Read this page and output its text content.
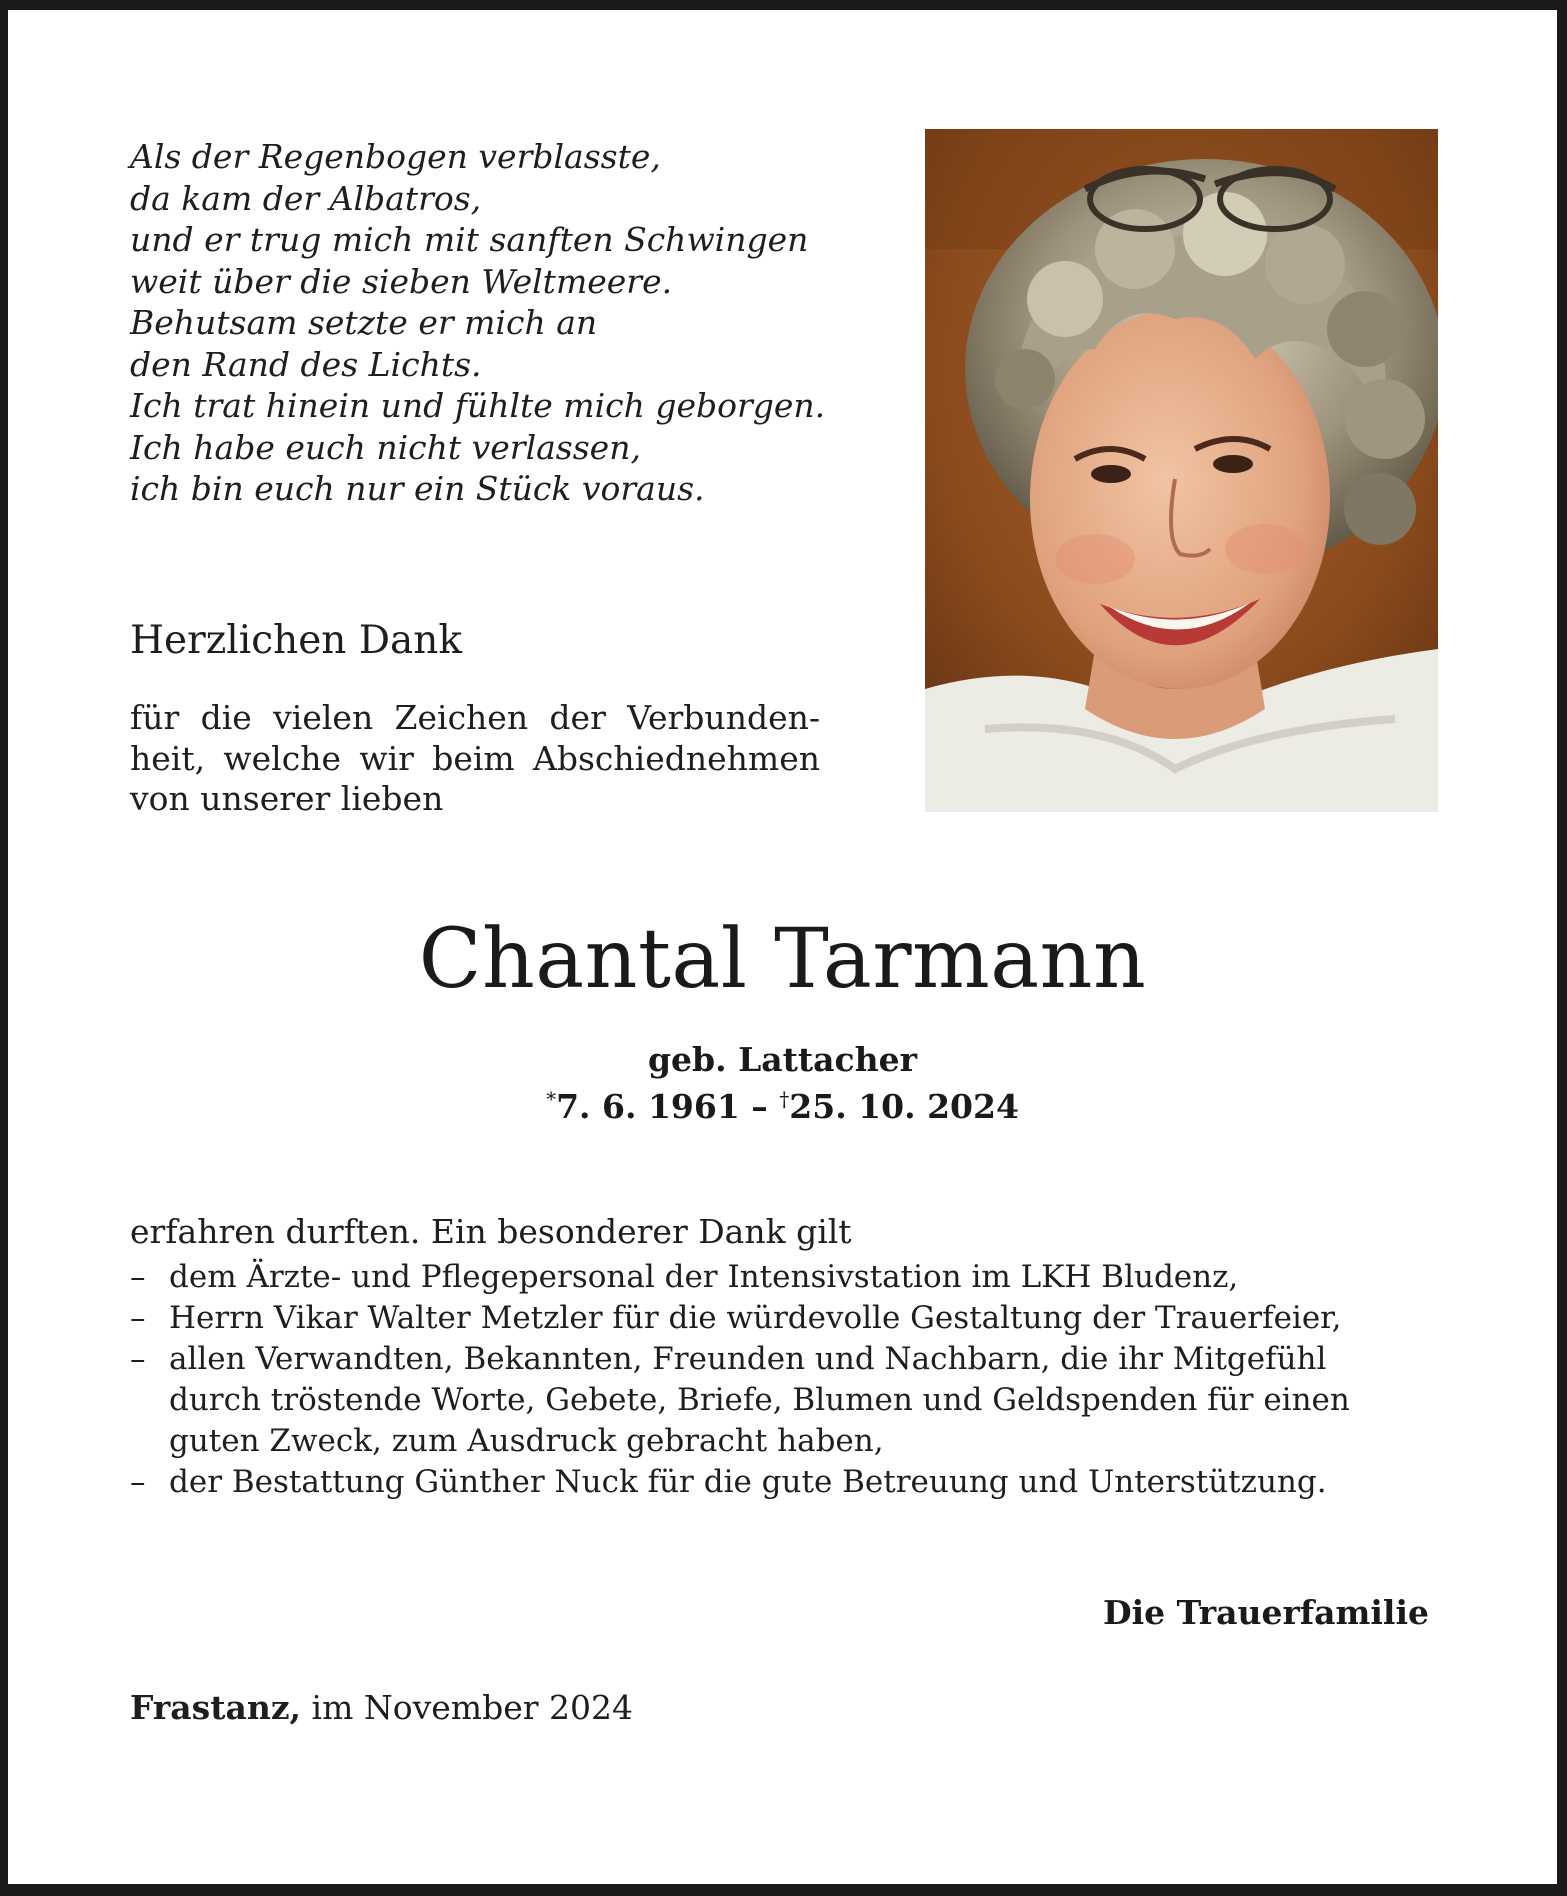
Als der Regenbogen verblasste,
da kam der Albatros,
und er trug mich mit sanften Schwingen
weit über die sieben Weltmeere.
Behutsam setzte er mich an
den Rand des Lichts.
Ich trat hinein und fühlte mich geborgen.
Ich habe euch nicht verlassen,
ich bin euch nur ein Stück voraus.
Herzlichen Dank
für die vielen Zeichen der Verbunden-
heit, welche wir beim Abschiednehmen
von unserer lieben
Chantal Tarmann
geb. Lattacher
*7. 6. 1961 – †25. 10. 2024
erfahren durften. Ein besonderer Dank gilt
– dem Ärzte- und Pflegepersonal der Intensivstation im LKH Bludenz,
– Herrn Vikar Walter Metzler für die würdevolle Gestaltung der Trauerfeier,
– allen Verwandten, Bekannten, Freunden und Nachbarn, die ihr Mitgefühl
durch tröstende Worte, Gebete, Briefe, Blumen und Geldspenden für einen
guten Zweck, zum Ausdruck gebracht haben,
– der Bestattung Günther Nuck für die gute Betreuung und Unterstützung.
Die Trauerfamilie
Frastanz, im November 2024
